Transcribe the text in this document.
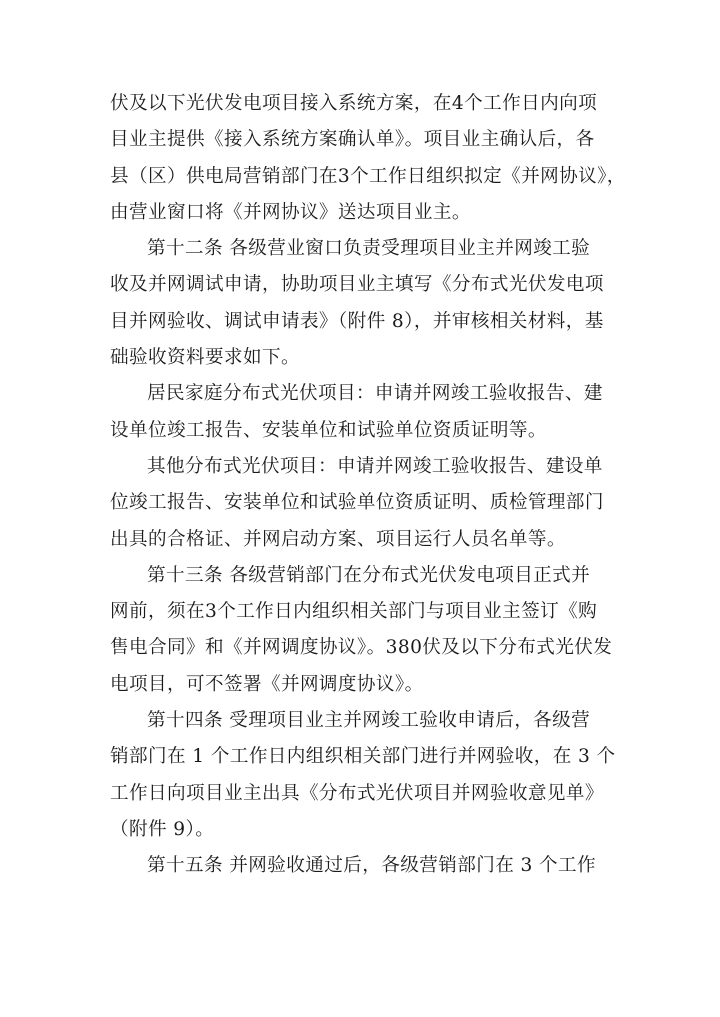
伏及以下光伏发电项目接入系统方案，在4个工作日内向项
目业主提供《接入系统方案确认单》。项目业主确认后，各
县（区）供电局营销部门在3个工作日组织拟定《并网协议》，
由营业窗口将《并网协议》送达项目业主。

第十二条 各级营业窗口负责受理项目业主并网竣工验
收及并网调试申请，协助项目业主填写《分布式光伏发电项
目并网验收、调试申请表》（附件 8），并审核相关材料，基
础验收资料要求如下。

居民家庭分布式光伏项目：申请并网竣工验收报告、建
设单位竣工报告、安装单位和试验单位资质证明等。

其他分布式光伏项目：申请并网竣工验收报告、建设单
位竣工报告、安装单位和试验单位资质证明、质检管理部门
出具的合格证、并网启动方案、项目运行人员名单等。

第十三条 各级营销部门在分布式光伏发电项目正式并
网前，须在3个工作日内组织相关部门与项目业主签订《购
售电合同》和《并网调度协议》。380伏及以下分布式光伏发
电项目，可不签署《并网调度协议》。

第十四条 受理项目业主并网竣工验收申请后，各级营
销部门在 1 个工作日内组织相关部门进行并网验收，在 3 个
工作日向项目业主出具《分布式光伏项目并网验收意见单》
（附件 9）。

第十五条 并网验收通过后，各级营销部门在 3 个工作
